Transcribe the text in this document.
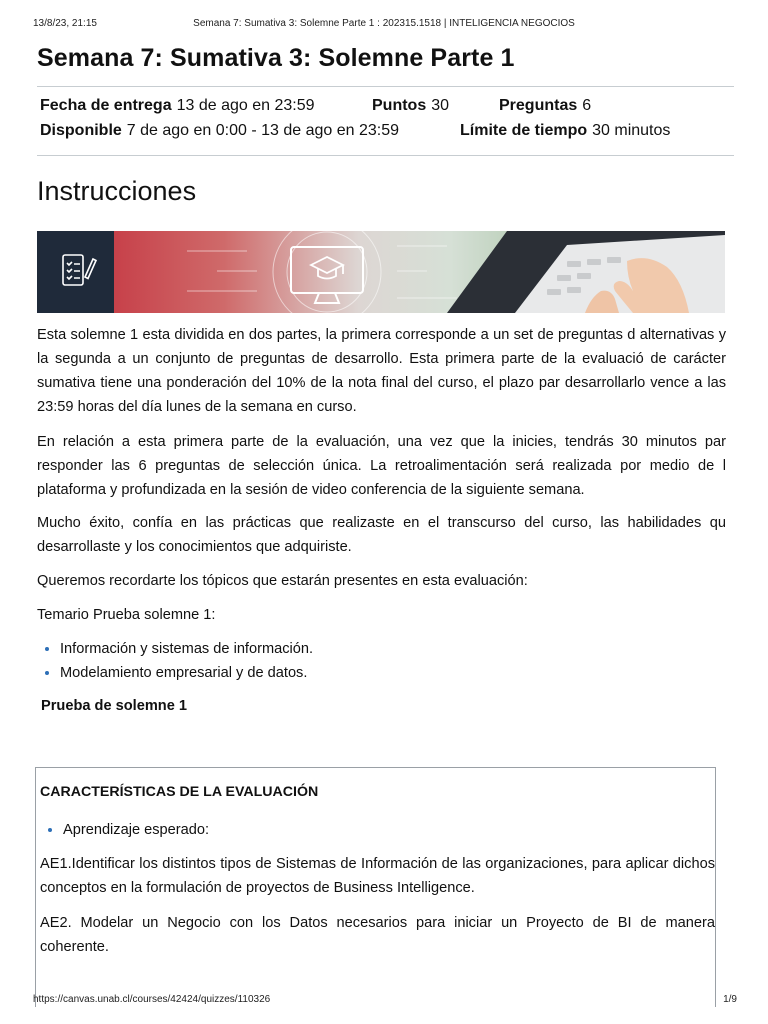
13/8/23, 21:15	Semana 7: Sumativa 3: Solemne Parte 1 : 202315.1518 | INTELIGENCIA NEGOCIOS
Semana 7: Sumativa 3: Solemne Parte 1
Fecha de entrega 13 de ago en 23:59	Puntos 30	Preguntas 6
Disponible 7 de ago en 0:00 - 13 de ago en 23:59	Límite de tiempo 30 minutos
Instrucciones
Esta solemne 1 esta dividida en dos partes, la primera corresponde a un set de preguntas d alternativas y la segunda a un conjunto de preguntas de desarrollo. Esta primera parte de la evaluació de carácter sumativa tiene una ponderación del 10% de la nota final del curso, el plazo par desarrollarlo vence a las 23:59 horas del día lunes de la semana en curso.
En relación a esta primera parte de la evaluación, una vez que la inicies, tendrás 30 minutos par responder las 6 preguntas de selección única. La retroalimentación será realizada por medio de l plataforma y profundizada en la sesión de video conferencia de la siguiente semana.
Mucho éxito, confía en las prácticas que realizaste en el transcurso del curso, las habilidades qu desarrollaste y los conocimientos que adquiriste.
Queremos recordarte los tópicos que estarán presentes en esta evaluación:
Temario Prueba solemne 1:
• Información y sistemas de información.
• Modelamiento empresarial y de datos.
Prueba de solemne 1
CARACTERÍSTICAS DE LA EVALUACIÓN
• Aprendizaje esperado:
AE1.Identificar los distintos tipos de Sistemas de Información de las organizaciones, para aplicar dichos conceptos en la formulación de proyectos de Business Intelligence.
AE2. Modelar un Negocio con los Datos necesarios para iniciar un Proyecto de BI de manera coherente.
https://canvas.unab.cl/courses/42424/quizzes/110326	1/9
